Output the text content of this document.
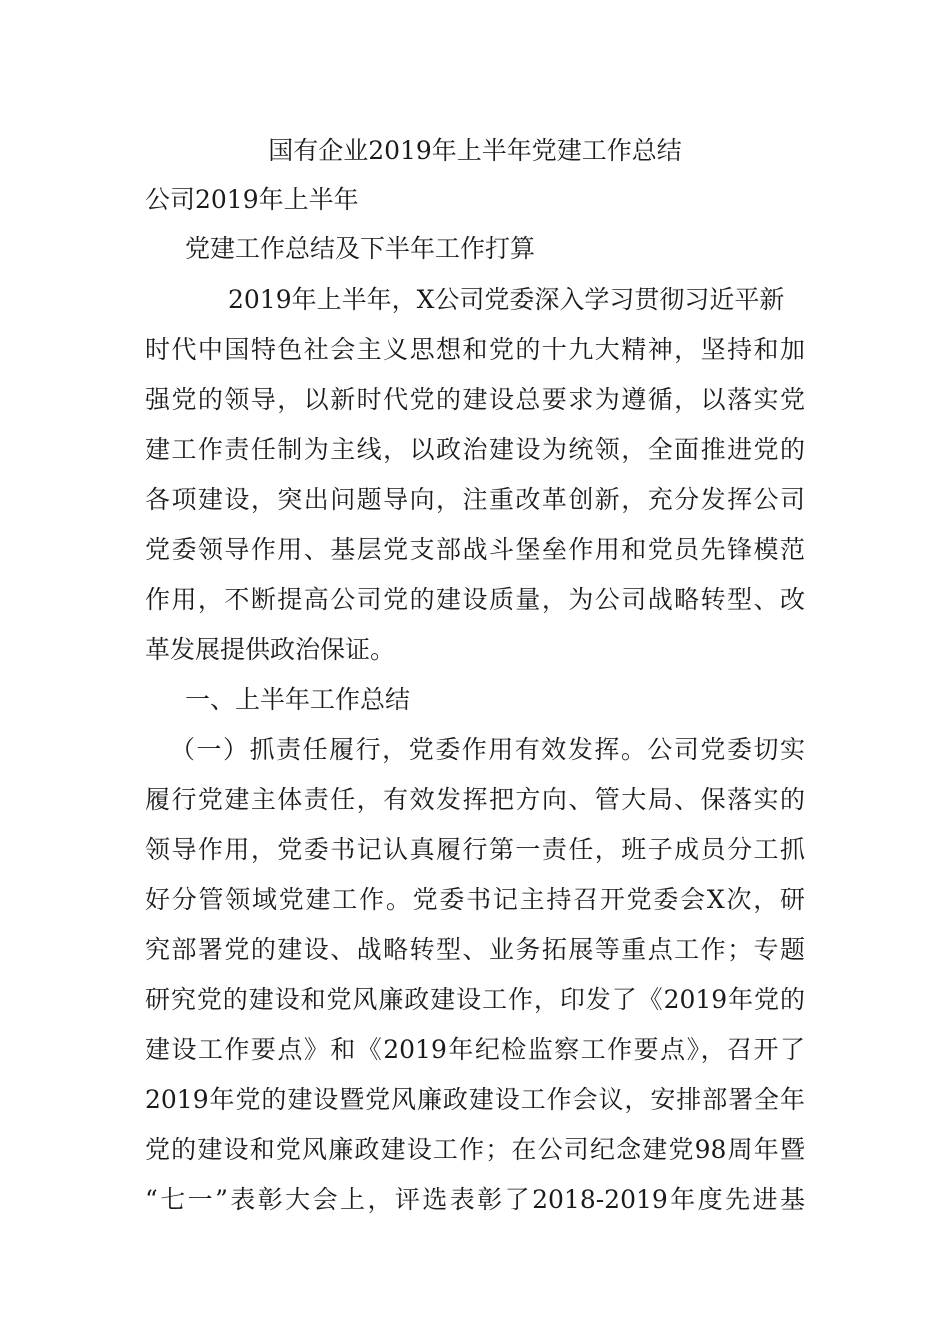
国有企业2019年上半年党建工作总结
公司2019年上半年
党建工作总结及下半年工作打算
2019年上半年，X公司党委深入学习贯彻习近平新
时代中国特色社会主义思想和党的十九大精神，坚持和加
强党的领导，以新时代党的建设总要求为遵循，以落实党
建工作责任制为主线，以政治建设为统领，全面推进党的
各项建设，突出问题导向，注重改革创新，充分发挥公司
党委领导作用、基层党支部战斗堡垒作用和党员先锋模范
作用，不断提高公司党的建设质量，为公司战略转型、改
革发展提供政治保证。
一、上半年工作总结
（一）抓责任履行，党委作用有效发挥。公司党委切实
履行党建主体责任，有效发挥把方向、管大局、保落实的
领导作用，党委书记认真履行第一责任，班子成员分工抓
好分管领域党建工作。党委书记主持召开党委会X次，研
究部署党的建设、战略转型、业务拓展等重点工作；专题
研究党的建设和党风廉政建设工作，印发了《2019年党的
建设工作要点》和《2019年纪检监察工作要点》，召开了
2019年党的建设暨党风廉政建设工作会议，安排部署全年
党的建设和党风廉政建设工作；在公司纪念建党98周年暨
“七一”表彰大会上，评选表彰了2018-2019年度先进基
